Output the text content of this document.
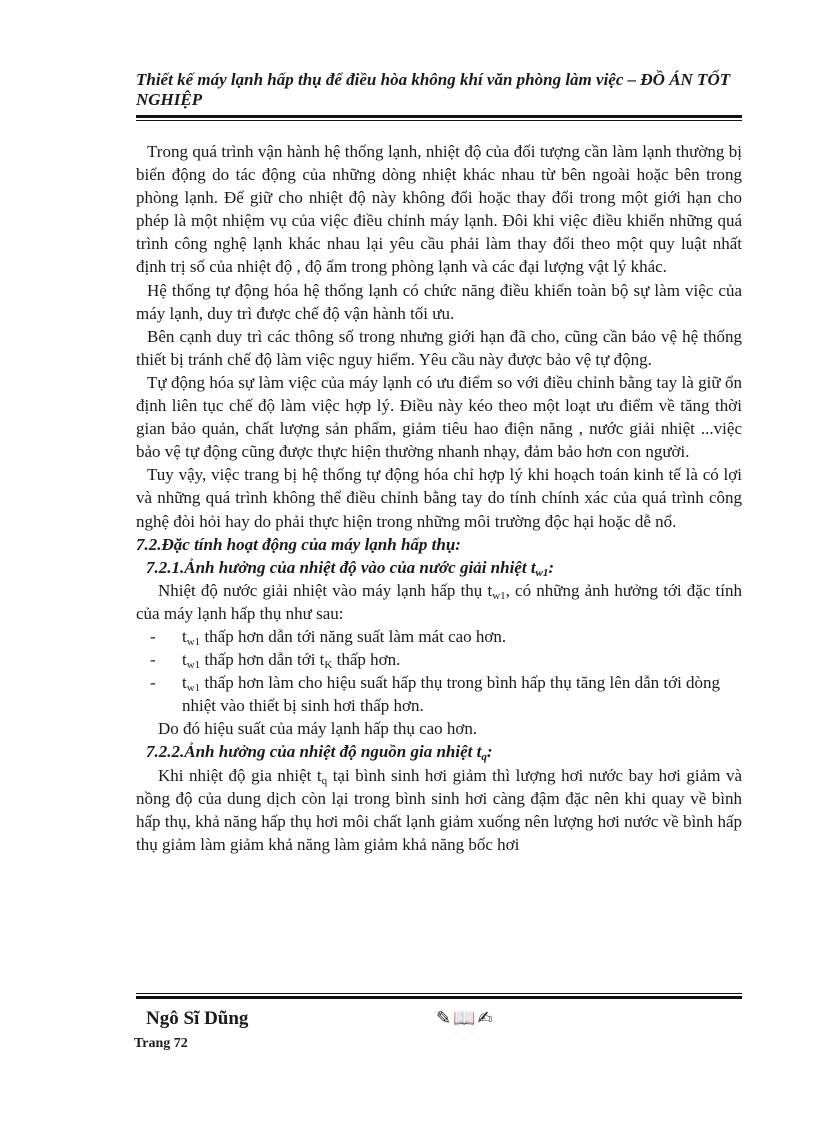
Thiết kế máy lạnh hấp thụ để điều hòa không khí văn phòng làm việc – ĐỒ ÁN TỐT NGHIỆP

Trong quá trình vận hành hệ thống lạnh, nhiệt độ của đối tượng cần làm lạnh thường bị biến động do tác động của những dòng nhiệt khác nhau từ bên ngoài hoặc bên trong phòng lạnh. Để giữ cho nhiệt độ này không đổi hoặc thay đổi trong một giới hạn cho phép là một nhiệm vụ của việc điều chỉnh máy lạnh. Đôi khi việc điều khiển những quá trình công nghệ lạnh khác nhau lại yêu cầu phải làm thay đổi theo một quy luật nhất định trị số của nhiệt độ , độ ẩm trong phòng lạnh và các đại lượng vật lý khác.

Hệ thống tự động hóa hệ thống lạnh có chức năng điều khiển toàn bộ sự làm việc của máy lạnh, duy trì được chế độ vận hành tối ưu.

Bên cạnh duy trì các thông số trong nhưng giới hạn đã cho, cũng cần bảo vệ hệ thống thiết bị tránh chế độ làm việc nguy hiểm. Yêu cầu này được bảo vệ tự động.

Tự động hóa sự làm việc của máy lạnh có ưu điểm so với điều chỉnh bằng tay là giữ ổn định liên tục chế độ làm việc hợp lý. Điều này kéo theo một loạt ưu điểm về tăng thời gian bảo quản, chất lượng sản phẩm, giảm tiêu hao điện năng , nước giải nhiệt ...việc bảo vệ tự động cũng được thực hiện thường nhanh nhạy, đảm bảo hơn con người.

Tuy vậy, việc trang bị hệ thống tự động hóa chỉ hợp lý khi hoạch toán kinh tế là có lợi và những quá trình không thể điều chỉnh bằng tay do tính chính xác của quá trình công nghệ đòi hỏi hay do phải thực hiện trong những môi trường độc hại hoặc dễ nổ.

7.2.Đặc tính hoạt động của máy lạnh hấp thụ:

7.2.1.Ảnh hưởng của nhiệt độ vào của nước giải nhiệt $t_{w1}$:

Nhiệt độ nước giải nhiệt vào máy lạnh hấp thụ $t_{w1}$, có những ảnh hưởng tới đặc tính của máy lạnh hấp thụ như sau:

-	$t_{w1}$ thấp hơn dẫn tới năng suất làm mát cao hơn.
-	$t_{w1}$ thấp hơn dẫn tới $t_K$ thấp hơn.
-	$t_{w1}$ thấp hơn làm cho hiệu suất hấp thụ trong bình hấp thụ tăng lên dẫn tới dòng nhiệt vào thiết bị sinh hơi thấp hơn.

Do đó hiệu suất của máy lạnh hấp thụ cao hơn.

7.2.2.Ảnh hưởng của nhiệt độ nguồn gia nhiệt $t_q$:

Khi nhiệt độ gia nhiệt $t_q$ tại bình sinh hơi giảm thì lượng hơi nước bay hơi giảm và nồng độ của dung dịch còn lại trong bình sinh hơi càng đậm đặc nên khi quay về bình hấp thụ, khả năng hấp thụ hơi môi chất lạnh giảm xuống nên lượng hơi nước về bình hấp thụ giảm làm giảm khả năng làm giảm khả năng bốc hơi

Ngô Sĩ Dũng	✎📖✍
Trang 72
